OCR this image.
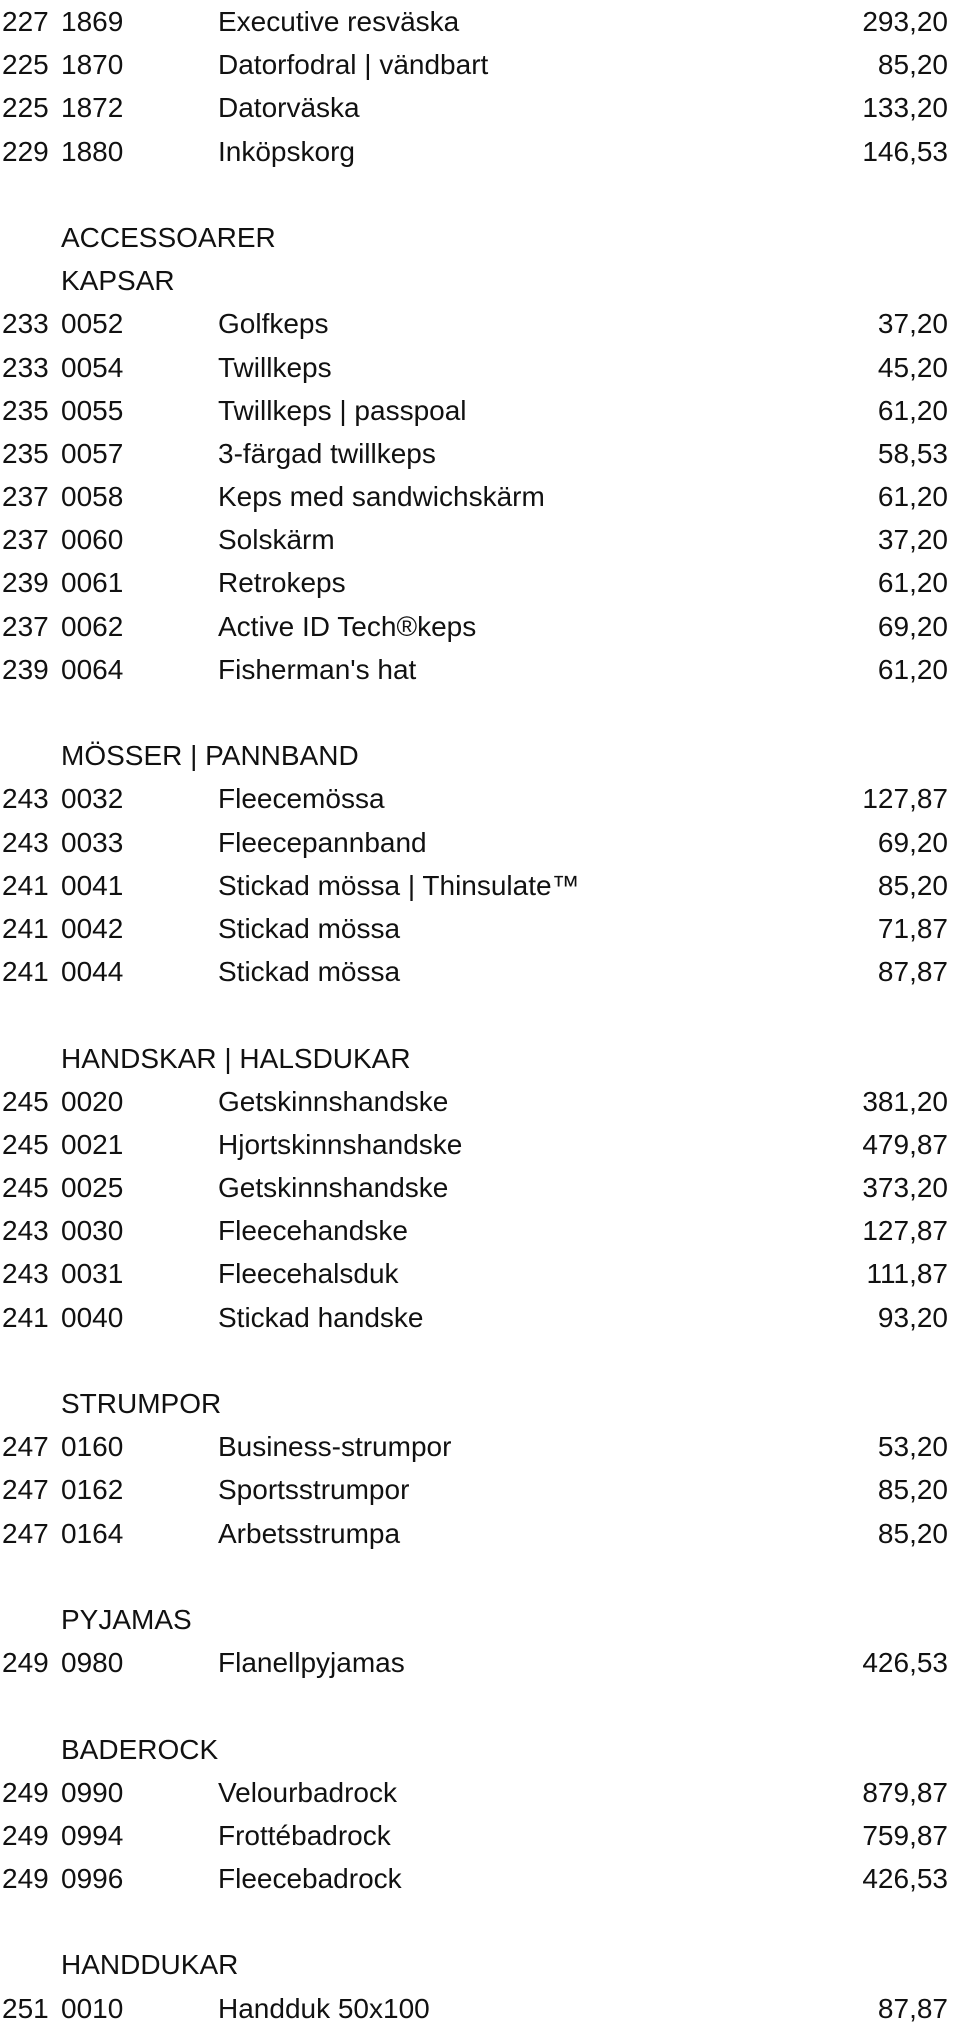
227 1869	Executive resväska	293,20
225 1870	Datorfodral | vändbart	85,20
225 1872	Datorväska	133,20
229 1880	Inköpskorg	146,53
ACCESSOARER
KAPSAR
233 0052	Golfkeps	37,20
233 0054	Twillkeps	45,20
235 0055	Twillkeps | passpoal	61,20
235 0057	3-färgad twillkeps	58,53
237 0058	Keps med sandwichskärm	61,20
237 0060	Solskärm	37,20
239 0061	Retrokeps	61,20
237 0062	Active ID Tech®keps	69,20
239 0064	Fisherman's hat	61,20
MÖSSER | PANNBAND
243 0032	Fleecemössa	127,87
243 0033	Fleecepannband	69,20
241 0041	Stickad mössa | Thinsulate™	85,20
241 0042	Stickad mössa	71,87
241 0044	Stickad mössa	87,87
HANDSKAR | HALSDUKAR
245 0020	Getskinnshandske	381,20
245 0021	Hjortskinnshandske	479,87
245 0025	Getskinnshandske	373,20
243 0030	Fleecehandske	127,87
243 0031	Fleecehalsduk	111,87
241 0040	Stickad handske	93,20
STRUMPOR
247 0160	Business-strumpor	53,20
247 0162	Sportsstrumpor	85,20
247 0164	Arbetsstrumpa	85,20
PYJAMAS
249 0980	Flanellpyjamas	426,53
BADEROCK
249 0990	Velourbadrock	879,87
249 0994	Frottébadrock	759,87
249 0996	Fleecebadrock	426,53
HANDDUKAR
251 0010	Handduk 50x100	87,87
